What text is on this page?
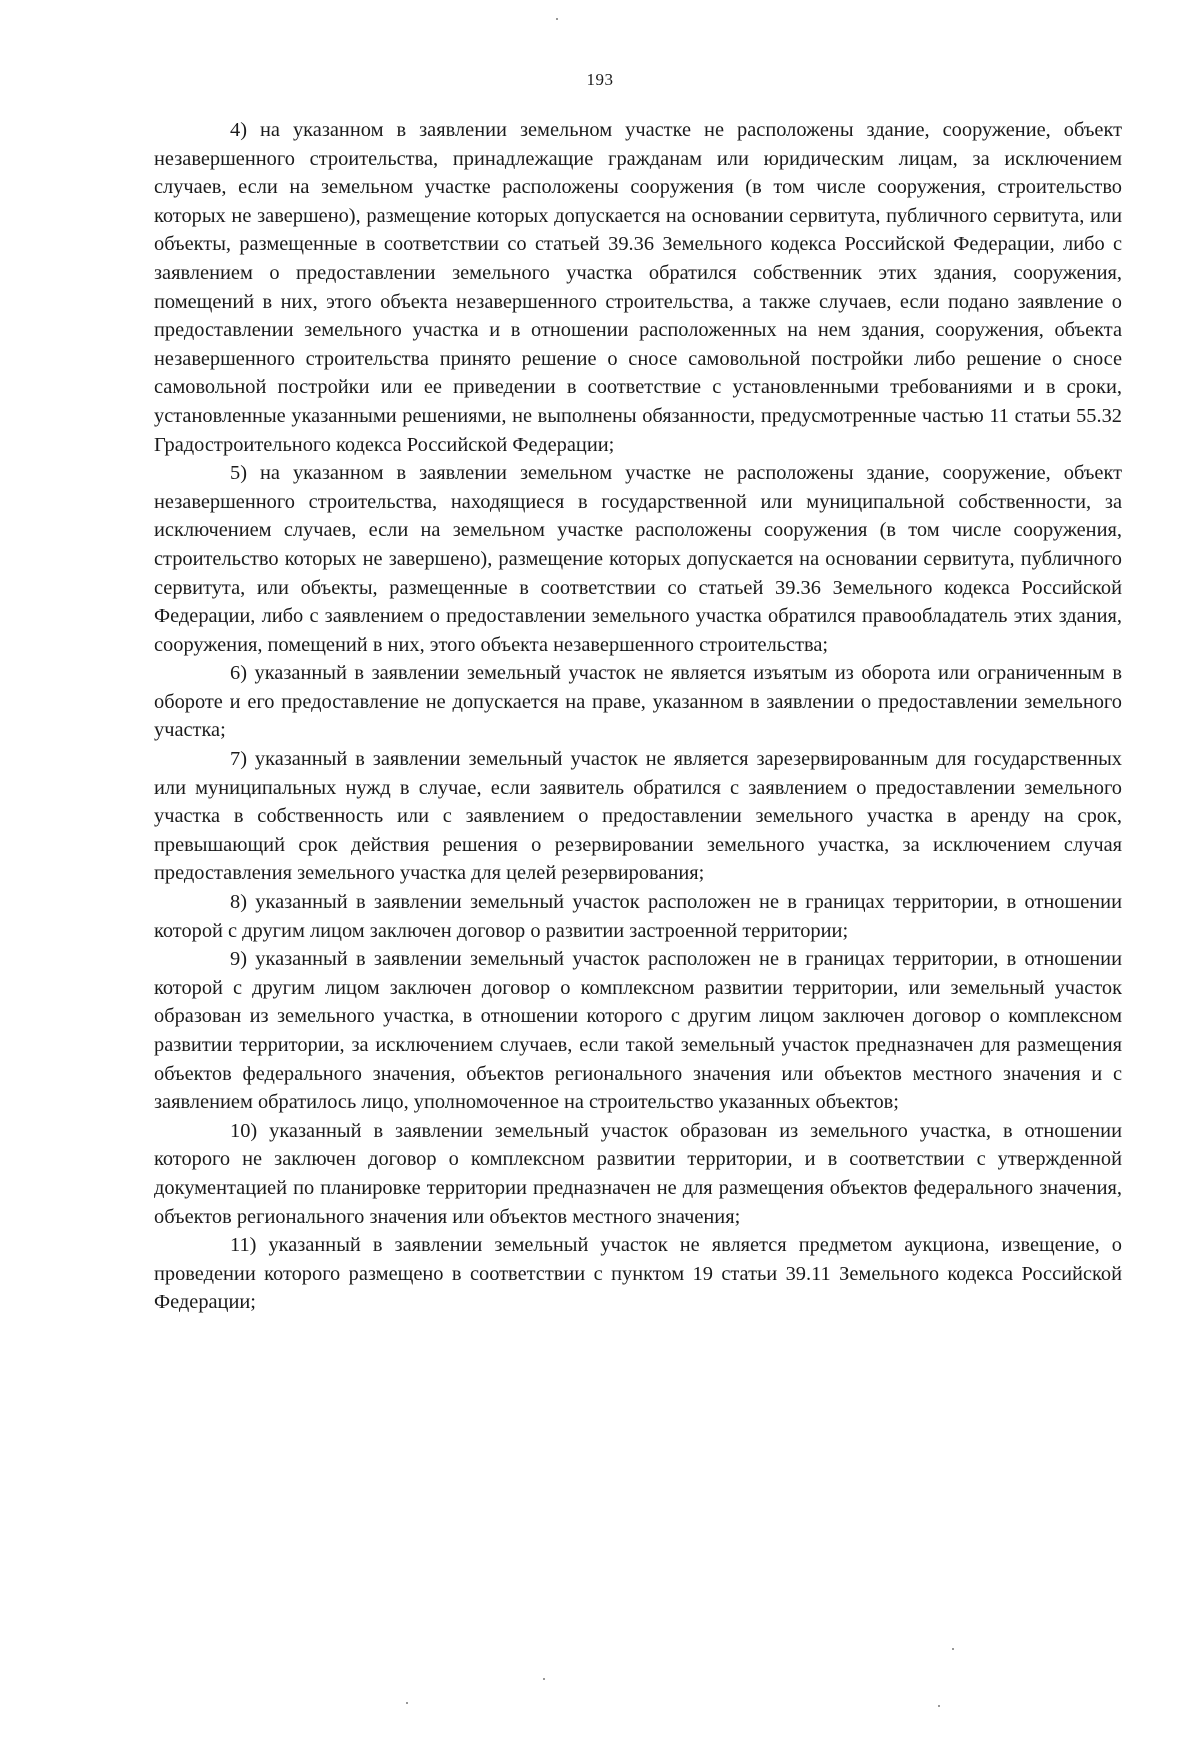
193

4) на указанном в заявлении земельном участке не расположены здание, сооружение, объект незавершенного строительства, принадлежащие гражданам или юридическим лицам, за исключением случаев, если на земельном участке расположены сооружения (в том числе сооружения, строительство которых не завершено), размещение которых допускается на основании сервитута, публичного сервитута, или объекты, размещенные в соответствии со статьей 39.36 Земельного кодекса Российской Федерации, либо с заявлением о предоставлении земельного участка обратился собственник этих здания, сооружения, помещений в них, этого объекта незавершенного строительства, а также случаев, если подано заявление о предоставлении земельного участка и в отношении расположенных на нем здания, сооружения, объекта незавершенного строительства принято решение о сносе самовольной постройки либо решение о сносе самовольной постройки или ее приведении в соответствие с установленными требованиями и в сроки, установленные указанными решениями, не выполнены обязанности, предусмотренные частью 11 статьи 55.32 Градостроительного кодекса Российской Федерации;

5) на указанном в заявлении земельном участке не расположены здание, сооружение, объект незавершенного строительства, находящиеся в государственной или муниципальной собственности, за исключением случаев, если на земельном участке расположены сооружения (в том числе сооружения, строительство которых не завершено), размещение которых допускается на основании сервитута, публичного сервитута, или объекты, размещенные в соответствии со статьей 39.36 Земельного кодекса Российской Федерации, либо с заявлением о предоставлении земельного участка обратился правообладатель этих здания, сооружения, помещений в них, этого объекта незавершенного строительства;

6) указанный в заявлении земельный участок не является изъятым из оборота или ограниченным в обороте и его предоставление не допускается на праве, указанном в заявлении о предоставлении земельного участка;

7) указанный в заявлении земельный участок не является зарезервированным для государственных или муниципальных нужд в случае, если заявитель обратился с заявлением о предоставлении земельного участка в собственность или с заявлением о предоставлении земельного участка в аренду на срок, превышающий срок действия решения о резервировании земельного участка, за исключением случая предоставления земельного участка для целей резервирования;

8) указанный в заявлении земельный участок расположен не в границах территории, в отношении которой с другим лицом заключен договор о развитии застроенной территории;

9) указанный в заявлении земельный участок расположен не в границах территории, в отношении которой с другим лицом заключен договор о комплексном развитии территории, или земельный участок образован из земельного участка, в отношении которого с другим лицом заключен договор о комплексном развитии территории, за исключением случаев, если такой земельный участок предназначен для размещения объектов федерального значения, объектов регионального значения или объектов местного значения и с заявлением обратилось лицо, уполномоченное на строительство указанных объектов;

10) указанный в заявлении земельный участок образован из земельного участка, в отношении которого не заключен договор о комплексном развитии территории, и в соответствии с утвержденной документацией по планировке территории предназначен не для размещения объектов федерального значения, объектов регионального значения или объектов местного значения;

11) указанный в заявлении земельный участок не является предметом аукциона, извещение, о проведении которого размещено в соответствии с пунктом 19 статьи 39.11 Земельного кодекса Российской Федерации;
